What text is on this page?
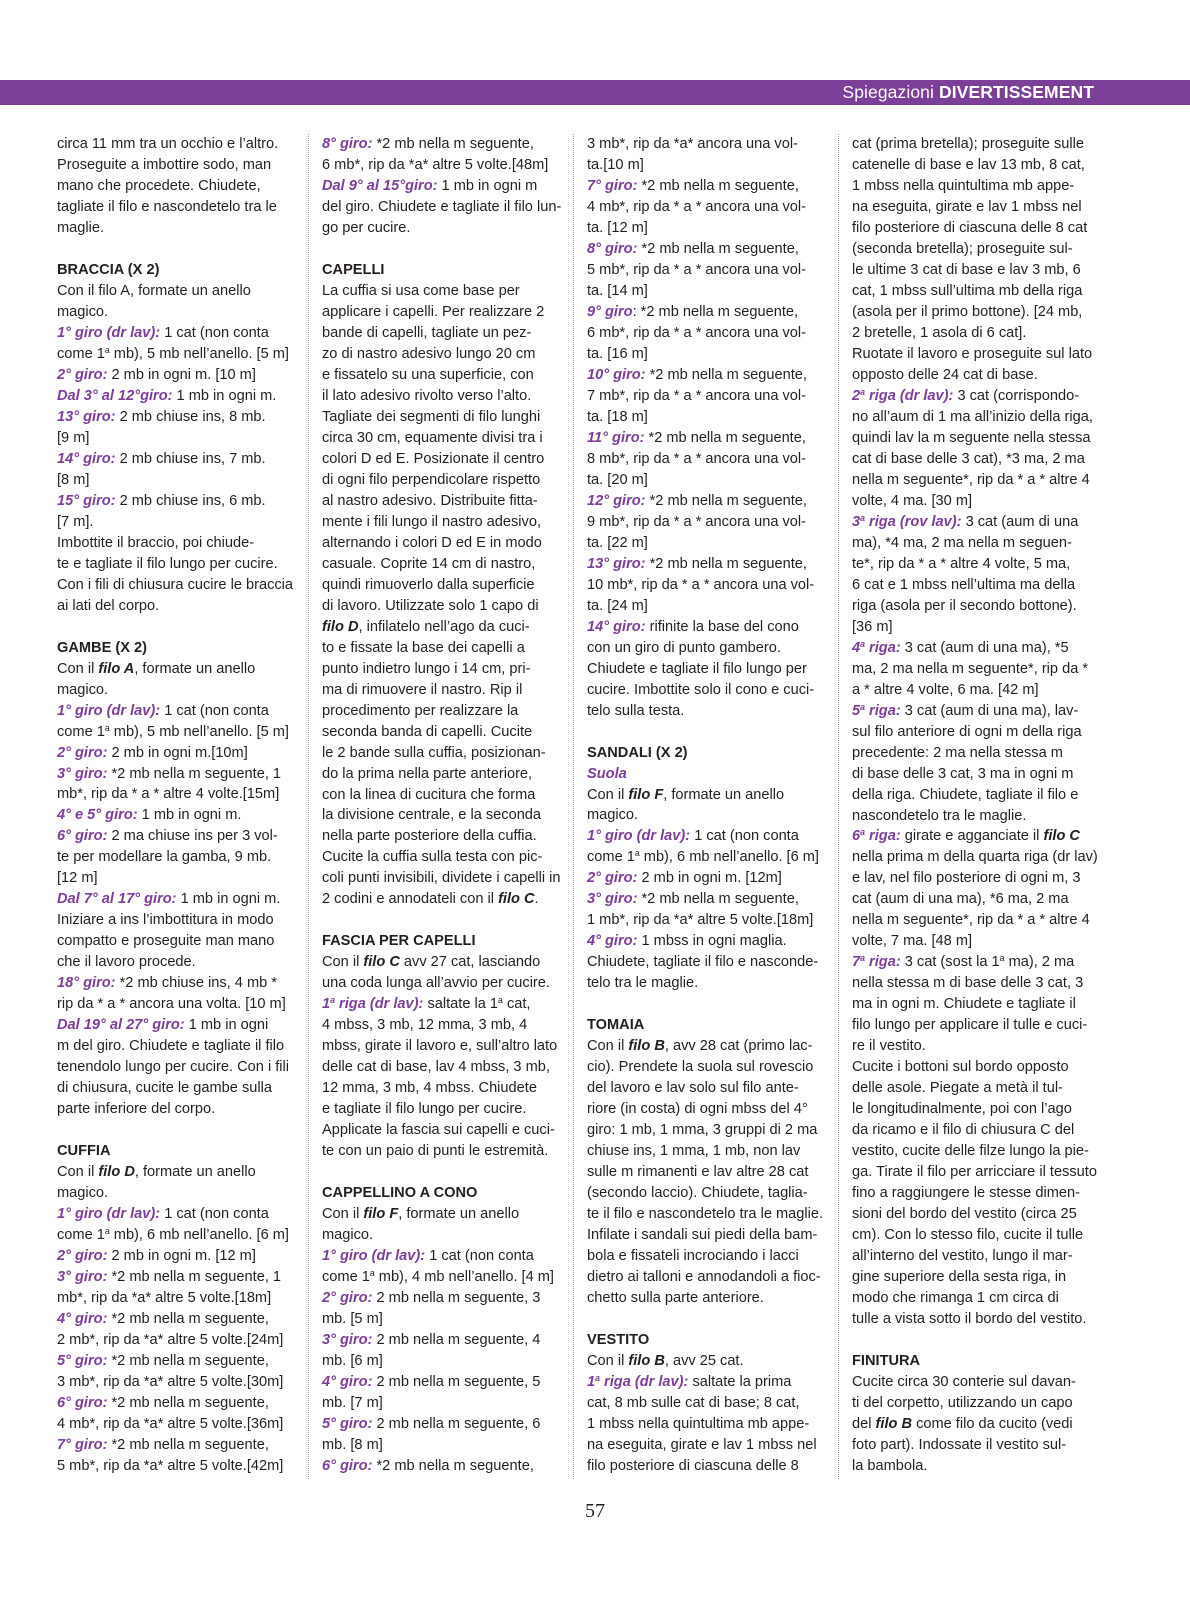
Spiegazioni DIVERTISSEMENT
circa 11 mm tra un occhio e l’altro.
Proseguite a imbottire sodo, man
mano che procedete. Chiudete,
tagliate il filo e nascondetelo tra le
maglie.
BRACCIA (X 2)
Con il filo A, formate un anello
magico.
1° giro (dr lav): 1 cat (non conta
come 1$^a$ mb), 5 mb nell’anello. [5 m]
2° giro: 2 mb in ogni m. [10 m]
Dal 3° al 12°giro: 1 mb in ogni m.
13° giro: 2 mb chiuse ins, 8 mb.
[9 m]
14° giro: 2 mb chiuse ins, 7 mb.
[8 m]
15° giro: 2 mb chiuse ins, 6 mb.
[7 m].
Imbottite il braccio, poi chiude-
te e tagliate il filo lungo per cucire.
Con i fili di chiusura cucire le braccia
ai lati del corpo.
GAMBE (X 2)
Con il filo A, formate un anello
magico.
1° giro (dr lav): 1 cat (non conta
come 1$^a$ mb), 5 mb nell’anello. [5 m]
2° giro: 2 mb in ogni m.[10m]
3° giro: *2 mb nella m seguente, 1
mb*, rip da * a * altre 4 volte.[15m]
4° e 5° giro: 1 mb in ogni m.
6° giro: 2 ma chiuse ins per 3 vol-
te per modellare la gamba, 9 mb.
[12 m]
Dal 7° al 17° giro: 1 mb in ogni m.
Iniziare a ins l’imbottitura in modo
compatto e proseguite man mano
che il lavoro procede.
18° giro: *2 mb chiuse ins, 4 mb *
rip da * a * ancora una volta. [10 m]
Dal 19° al 27° giro: 1 mb in ogni
m del giro. Chiudete e tagliate il filo
tenendolo lungo per cucire. Con i fili
di chiusura, cucite le gambe sulla
parte inferiore del corpo.
CUFFIA
Con il filo D, formate un anello
magico.
1° giro (dr lav): 1 cat (non conta
come 1$^a$ mb), 6 mb nell’anello. [6 m]
2° giro: 2 mb in ogni m. [12 m]
3° giro: *2 mb nella m seguente, 1
mb*, rip da *a* altre 5 volte.[18m]
4° giro: *2 mb nella m seguente,
2 mb*, rip da *a* altre 5 volte.[24m]
5° giro: *2 mb nella m seguente,
3 mb*, rip da *a* altre 5 volte.[30m]
6° giro: *2 mb nella m seguente,
4 mb*, rip da *a* altre 5 volte.[36m]
7° giro: *2 mb nella m seguente,
5 mb*, rip da *a* altre 5 volte.[42m]
8° giro: *2 mb nella m seguente,
6 mb*, rip da *a* altre 5 volte.[48m]
Dal 9° al 15°giro: 1 mb in ogni m
del giro. Chiudete e tagliate il filo lun-
go per cucire.
CAPELLI
La cuffia si usa come base per
applicare i capelli. Per realizzare 2
bande di capelli, tagliate un pez-
zo di nastro adesivo lungo 20 cm
e fissatelo su una superficie, con
il lato adesivo rivolto verso l’alto.
Tagliate dei segmenti di filo lunghi
circa 30 cm, equamente divisi tra i
colori D ed E. Posizionate il centro
di ogni filo perpendicolare rispetto
al nastro adesivo. Distribuite fitta-
mente i fili lungo il nastro adesivo,
alternando i colori D ed E in modo
casuale. Coprite 14 cm di nastro,
quindi rimuoverlo dalla superficie
di lavoro. Utilizzate solo 1 capo di
filo D, infilatelo nell’ago da cuci-
to e fissate la base dei capelli a
punto indietro lungo i 14 cm, pri-
ma di rimuovere il nastro. Rip il
procedimento per realizzare la
seconda banda di capelli. Cucite
le 2 bande sulla cuffia, posizionan-
do la prima nella parte anteriore,
con la linea di cucitura che forma
la divisione centrale, e la seconda
nella parte posteriore della cuffia.
Cucite la cuffia sulla testa con pic-
coli punti invisibili, dividete i capelli in
2 codini e annodateli con il filo C.
FASCIA PER CAPELLI
Con il filo C avv 27 cat, lasciando
una coda lunga all’avvio per cucire.
1$^a$ riga (dr lav): saltate la 1$^a$ cat,
4 mbss, 3 mb, 12 mma, 3 mb, 4
mbss, girate il lavoro e, sull’altro lato
delle cat di base, lav 4 mbss, 3 mb,
12 mma, 3 mb, 4 mbss. Chiudete
e tagliate il filo lungo per cucire.
Applicate la fascia sui capelli e cuci-
te con un paio di punti le estremità.
CAPPELLINO A CONO
Con il filo F, formate un anello
magico.
1° giro (dr lav): 1 cat (non conta
come 1$^a$ mb), 4 mb nell’anello. [4 m]
2° giro: 2 mb nella m seguente, 3
mb. [5 m]
3° giro: 2 mb nella m seguente, 4
mb. [6 m]
4° giro: 2 mb nella m seguente, 5
mb. [7 m]
5° giro: 2 mb nella m seguente, 6
mb. [8 m]
6° giro: *2 mb nella m seguente,
3 mb*, rip da *a* ancora una vol-
ta.[10 m]
7° giro: *2 mb nella m seguente,
4 mb*, rip da * a * ancora una vol-
ta. [12 m]
8° giro: *2 mb nella m seguente,
5 mb*, rip da * a * ancora una vol-
ta. [14 m]
9° giro: *2 mb nella m seguente,
6 mb*, rip da * a * ancora una vol-
ta. [16 m]
10° giro: *2 mb nella m seguente,
7 mb*, rip da * a * ancora una vol-
ta. [18 m]
11° giro: *2 mb nella m seguente,
8 mb*, rip da * a * ancora una vol-
ta. [20 m]
12° giro: *2 mb nella m seguente,
9 mb*, rip da * a * ancora una vol-
ta. [22 m]
13° giro: *2 mb nella m seguente,
10 mb*, rip da * a * ancora una vol-
ta. [24 m]
14° giro: rifinite la base del cono
con un giro di punto gambero.
Chiudete e tagliate il filo lungo per
cucire. Imbottite solo il cono e cuci-
telo sulla testa.
SANDALI (X 2)
Suola
Con il filo F, formate un anello
magico.
1° giro (dr lav): 1 cat (non conta
come 1$^a$ mb), 6 mb nell’anello. [6 m]
2° giro: 2 mb in ogni m. [12m]
3° giro: *2 mb nella m seguente,
1 mb*, rip da *a* altre 5 volte.[18m]
4° giro: 1 mbss in ogni maglia.
Chiudete, tagliate il filo e nasconde-
telo tra le maglie.
TOMAIA
Con il filo B, avv 28 cat (primo lac-
cio). Prendete la suola sul rovescio
del lavoro e lav solo sul filo ante-
riore (in costa) di ogni mbss del 4°
giro: 1 mb, 1 mma, 3 gruppi di 2 ma
chiuse ins, 1 mma, 1 mb, non lav
sulle m rimanenti e lav altre 28 cat
(secondo laccio). Chiudete, taglia-
te il filo e nascondetelo tra le maglie.
Infilate i sandali sui piedi della bam-
bola e fissateli incrociando i lacci
dietro ai talloni e annodandoli a fioc-
chetto sulla parte anteriore.
VESTITO
Con il filo B, avv 25 cat.
1$^a$ riga (dr lav): saltate la prima
cat, 8 mb sulle cat di base; 8 cat,
1 mbss nella quintultima mb appe-
na eseguita, girate e lav 1 mbss nel
filo posteriore di ciascuna delle 8
cat (prima bretella); proseguite sulle
catenelle di base e lav 13 mb, 8 cat,
1 mbss nella quintultima mb appe-
na eseguita, girate e lav 1 mbss nel
filo posteriore di ciascuna delle 8 cat
(seconda bretella); proseguite sul-
le ultime 3 cat di base e lav 3 mb, 6
cat, 1 mbss sull’ultima mb della riga
(asola per il primo bottone). [24 mb,
2 bretelle, 1 asola di 6 cat].
Ruotate il lavoro e proseguite sul lato
opposto delle 24 cat di base.
2$^a$ riga (dr lav): 3 cat (corrispondo-
no all’aum di 1 ma all’inizio della riga,
quindi lav la m seguente nella stessa
cat di base delle 3 cat), *3 ma, 2 ma
nella m seguente*, rip da * a * altre 4
volte, 4 ma. [30 m]
3$^a$ riga (rov lav): 3 cat (aum di una
ma), *4 ma, 2 ma nella m seguen-
te*, rip da * a * altre 4 volte, 5 ma,
6 cat e 1 mbss nell’ultima ma della
riga (asola per il secondo bottone).
[36 m]
4$^a$ riga: 3 cat (aum di una ma), *5
ma, 2 ma nella m seguente*, rip da *
a * altre 4 volte, 6 ma. [42 m]
5$^a$ riga: 3 cat (aum di una ma), lav-
sul filo anteriore di ogni m della riga
precedente: 2 ma nella stessa m
di base delle 3 cat, 3 ma in ogni m
della riga. Chiudete, tagliate il filo e
nascondetelo tra le maglie.
6$^a$ riga: girate e agganciate il filo C
nella prima m della quarta riga (dr lav)
e lav, nel filo posteriore di ogni m, 3
cat (aum di una ma), *6 ma, 2 ma
nella m seguente*, rip da * a * altre 4
volte, 7 ma. [48 m]
7$^a$ riga: 3 cat (sost la 1$^a$ ma), 2 ma
nella stessa m di base delle 3 cat, 3
ma in ogni m. Chiudete e tagliate il
filo lungo per applicare il tulle e cuci-
re il vestito.
Cucite i bottoni sul bordo opposto
delle asole. Piegate a metà il tul-
le longitudinalmente, poi con l’ago
da ricamo e il filo di chiusura C del
vestito, cucite delle filze lungo la pie-
ga. Tirate il filo per arricciare il tessuto
fino a raggiungere le stesse dimen-
sioni del bordo del vestito (circa 25
cm). Con lo stesso filo, cucite il tulle
all’interno del vestito, lungo il mar-
gine superiore della sesta riga, in
modo che rimanga 1 cm circa di
tulle a vista sotto il bordo del vestito.
FINITURA
Cucite circa 30 conterie sul davan-
ti del corpetto, utilizzando un capo
del filo B come filo da cucito (vedi
foto part). Indossate il vestito sul-
la bambola.
57
